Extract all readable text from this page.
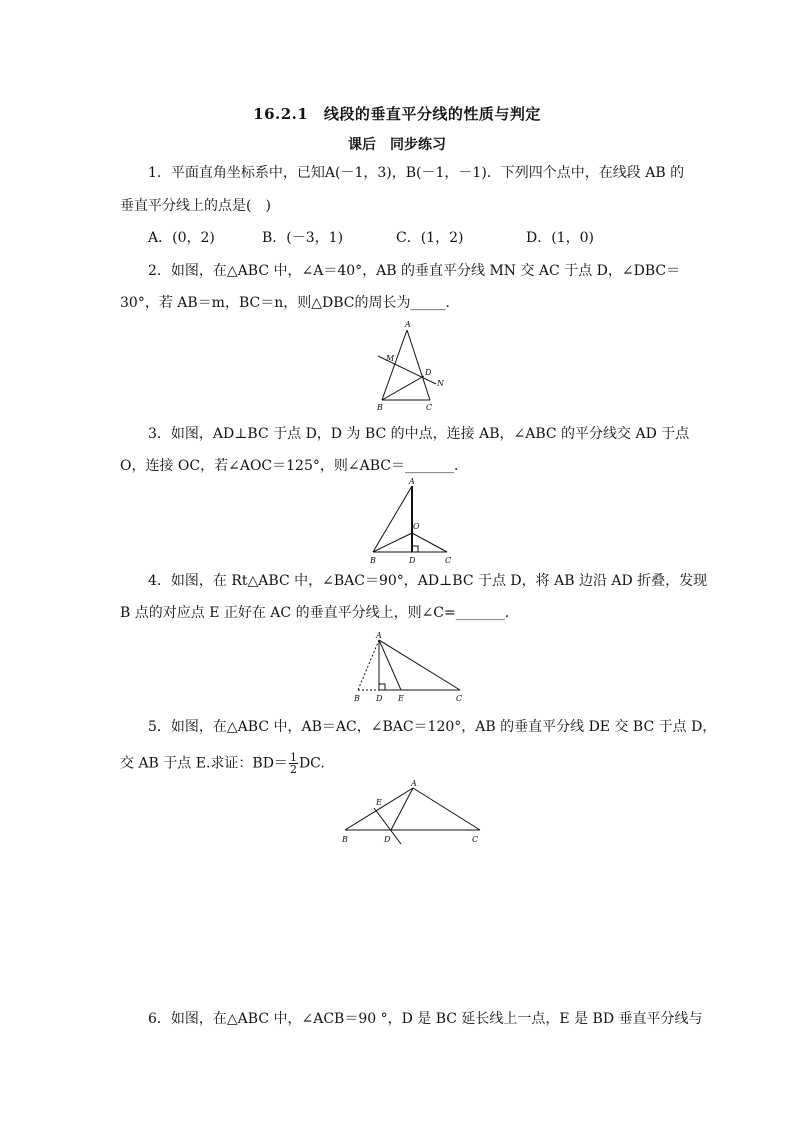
16.2.1　线段的垂直平分线的性质与判定
课后　同步练习
1．平面直角坐标系中，已知A(－1，3)，B(－1，－1)．下列四个点中，在线段 AB 的
垂直平分线上的点是(　)
A．(0，2)	B．(－3，1)	C．(1，2)	D．(1，0)
2．如图，在△ABC 中，∠A＝40°，AB 的垂直平分线 MN 交 AC 于点 D，∠DBC＝
30°，若 AB＝m，BC＝n，则△DBC的周长为_____．
A
M
D
N
B	C
3．如图，AD⊥BC 于点 D，D 为 BC 的中点，连接 AB，∠ABC 的平分线交 AD 于点
O，连接 OC，若∠AOC＝125°，则∠ABC＝_______．
A
O
B	D	C
4．如图，在 Rt△ABC 中，∠BAC＝90°，AD⊥BC 于点 D，将 AB 边沿 AD 折叠，发现
B 点的对应点 E 正好在 AC 的垂直平分线上，则∠C=_______．
A
B D E	C
5．如图，在△ABC 中，AB＝AC，∠BAC＝120°，AB 的垂直平分线 DE 交 BC 于点 D，
交 AB 于点 E.求证：$BD= \frac{1}{2}$ DC.
A
E
B	D	C
6．如图，在△ABC 中，∠ACB＝90 °，D 是 BC 延长线上一点，E 是 BD 垂直平分线与
